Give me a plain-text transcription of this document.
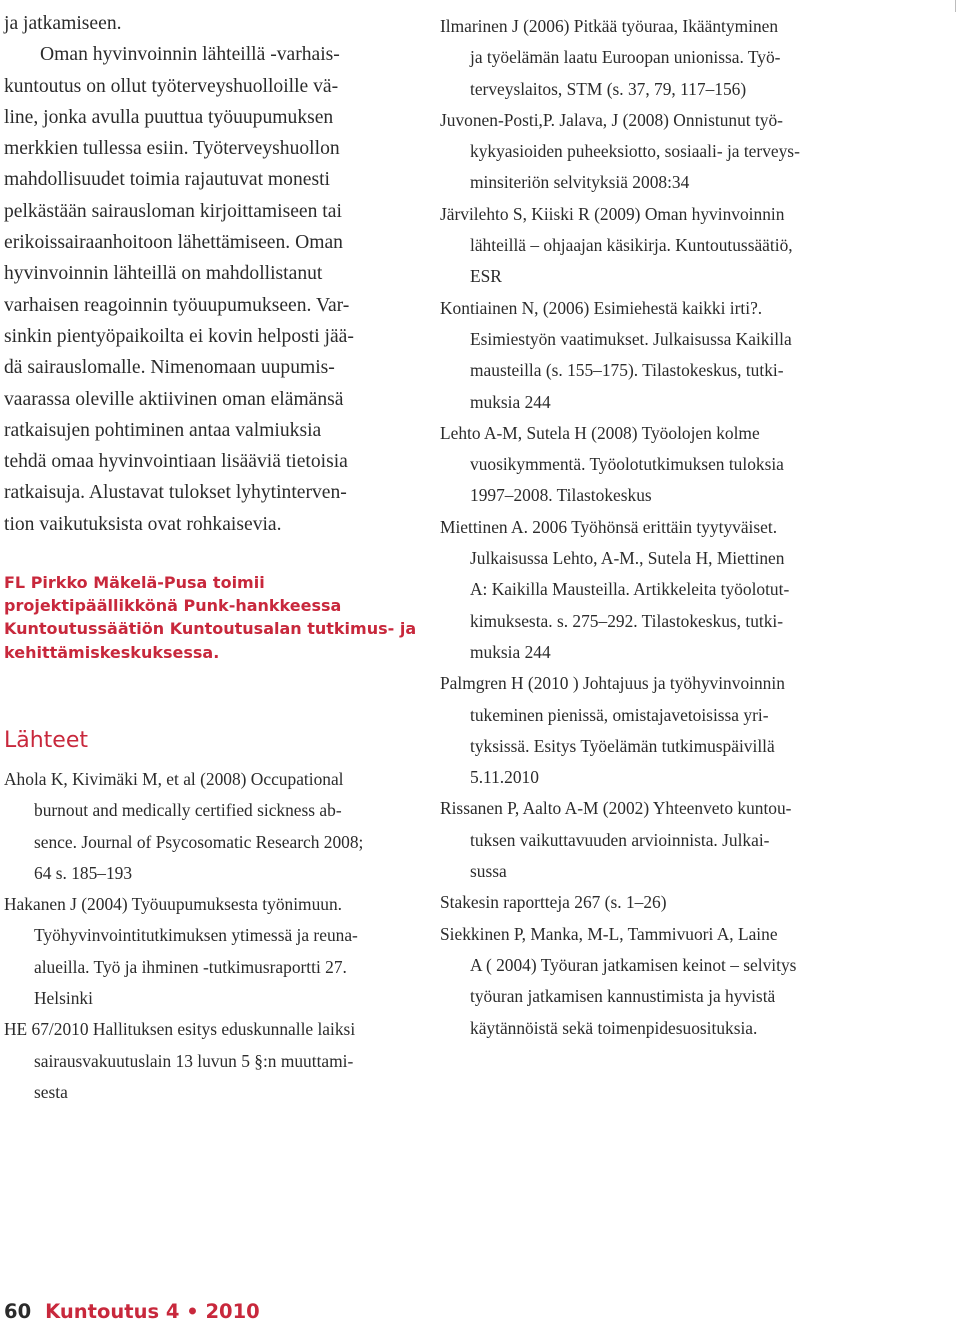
ja jatkamiseen.
Oman hyvinvoinnin lähteillä -varhais-
kuntoutus on ollut työterveyshuolloille vä-
line, jonka avulla puuttua työuupumuksen
merkkien tullessa esiin. Työterveyshuollon
mahdollisuudet toimia rajautuvat monesti
pelkästään sairausloman kirjoittamiseen tai
erikoissairaanhoitoon lähettämiseen. Oman
hyvinvoinnin lähteillä on mahdollistanut
varhaisen reagoinnin työuupumukseen. Var-
sinkin pientyöpaikoilta ei kovin helposti jää-
dä sairauslomalle. Nimenomaan uupumis-
vaarassa oleville aktiivinen oman elämänsä
ratkaisujen pohtiminen antaa valmiuksia
tehdä omaa hyvinvointiaan lisääviä tietoisia
ratkaisuja. Alustavat tulokset lyhytinterven-
tion vaikutuksista ovat rohkaisevia.

FL Pirkko Mäkelä-Pusa toimii
projektipäällikkönä Punk-hankkeessa
Kuntoutussäätiön Kuntoutusalan tutkimus- ja
kehittämiskeskuksessa.

Lähteet
Ahola K, Kivimäki M, et al (2008) Occupational
burnout and medically certified sickness ab-
sence. Journal of Psycosomatic Research 2008;
64 s. 185–193
Hakanen J (2004) Työuupumuksesta työnimuun.
Työhyvinvointitutkimuksen ytimessä ja reuna-
alueilla. Työ ja ihminen -tutkimusraportti 27.
Helsinki
HE 67/2010 Hallituksen esitys eduskunnalle laiksi
sairausvakuutuslain 13 luvun 5 §:n muuttami-
sesta
Ilmarinen J (2006) Pitkää työuraa, Ikääntyminen
ja työelämän laatu Euroopan unionissa. Työ-
terveyslaitos, STM (s. 37, 79, 117–156)
Juvonen-Posti,P. Jalava, J (2008) Onnistunut työ-
kykyasioiden puheeksiotto, sosiaali- ja terveys-
minsiteriön selvityksiä 2008:34
Järvilehto S, Kiiski R (2009) Oman hyvinvoinnin
lähteillä – ohjaajan käsikirja. Kuntoutussäätiö,
ESR
Kontiainen N, (2006) Esimiehestä kaikki irti?.
Esimiestyön vaatimukset. Julkaisussa Kaikilla
mausteilla (s. 155–175). Tilastokeskus, tutki-
muksia 244
Lehto A-M, Sutela H (2008) Työolojen kolme
vuosikymmentä. Työolotutkimuksen tuloksia
1997–2008. Tilastokeskus
Miettinen A. 2006 Työhönsä erittäin tyytyväiset.
Julkaisussa Lehto, A-M., Sutela H, Miettinen
A: Kaikilla Mausteilla. Artikkeleita työolotut-
kimuksesta. s. 275–292. Tilastokeskus, tutki-
muksia 244
Palmgren H (2010 ) Johtajuus ja työhyvinvoinnin
tukeminen pienissä, omistajavetoisissa yri-
tyksissä. Esitys Työelämän tutkimuspäivillä
5.11.2010
Rissanen P, Aalto A-M (2002) Yhteenveto kuntou-
tuksen vaikuttavuuden arvioinnista. Julkai-
sussa
Stakesin raportteja 267 (s. 1–26)
Siekkinen P, Manka, M-L, Tammivuori A, Laine
A ( 2004) Työuran jatkamisen keinot – selvitys
työuran jatkamisen kannustimista ja hyvistä
käytännöistä sekä toimenpidesuosituksia.
60 Kuntoutus 4 • 2010
